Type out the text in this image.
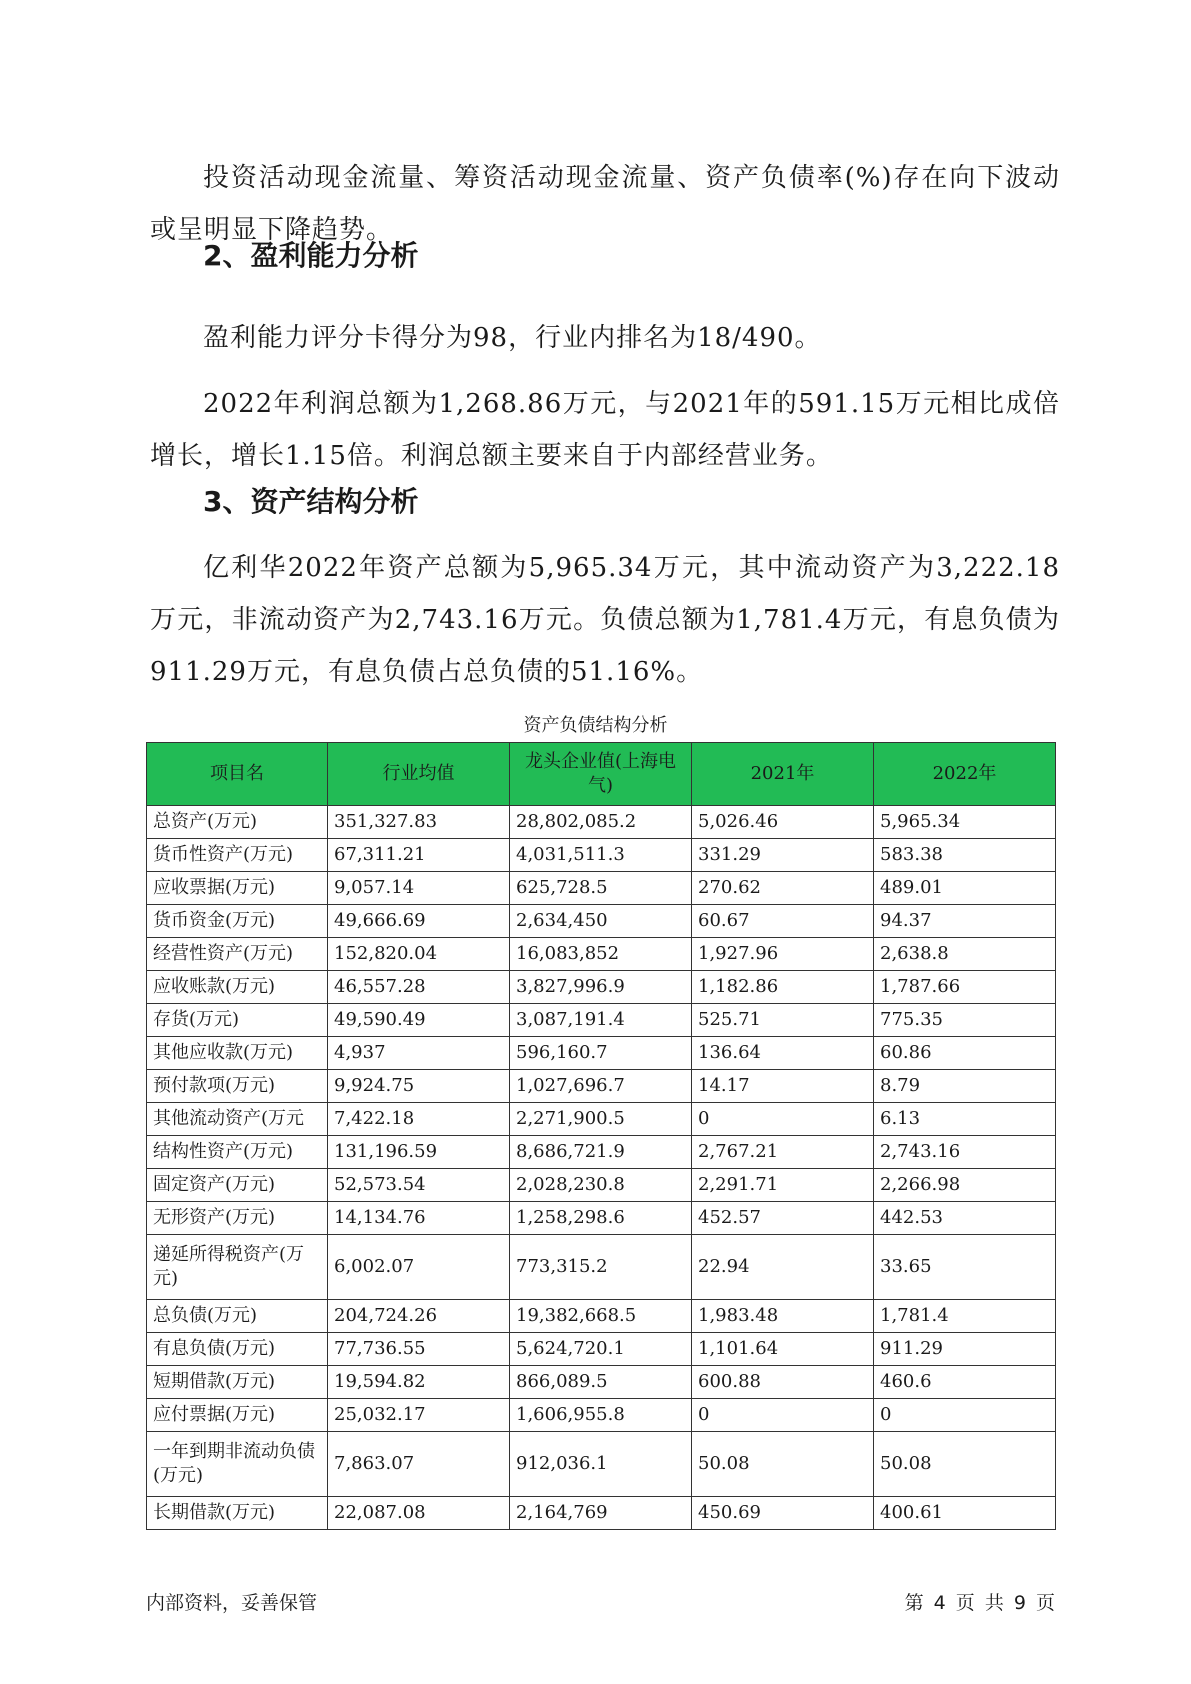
投资活动现金流量、筹资活动现金流量、资产负债率(%)存在向下波动或呈明显下降趋势。

2、盈利能力分析

盈利能力评分卡得分为98，行业内排名为18/490。

2022年利润总额为1,268.86万元，与2021年的591.15万元相比成倍增长，增长1.15倍。利润总额主要来自于内部经营业务。

3、资产结构分析

亿利华2022年资产总额为5,965.34万元，其中流动资产为3,222.18万元，非流动资产为2,743.16万元。负债总额为1,781.4万元，有息负债为911.29万元，有息负债占总负债的51.16%。

资产负债结构分析
项目名	行业均值	龙头企业值(上海电气)	2021年	2022年
总资产(万元)	351,327.83	28,802,085.2	5,026.46	5,965.34
货币性资产(万元)	67,311.21	4,031,511.3	331.29	583.38
应收票据(万元)	9,057.14	625,728.5	270.62	489.01
货币资金(万元)	49,666.69	2,634,450	60.67	94.37
经营性资产(万元)	152,820.04	16,083,852	1,927.96	2,638.8
应收账款(万元)	46,557.28	3,827,996.9	1,182.86	1,787.66
存货(万元)	49,590.49	3,087,191.4	525.71	775.35
其他应收款(万元)	4,937	596,160.7	136.64	60.86
预付款项(万元)	9,924.75	1,027,696.7	14.17	8.79
其他流动资产(万元	7,422.18	2,271,900.5	0	6.13
结构性资产(万元)	131,196.59	8,686,721.9	2,767.21	2,743.16
固定资产(万元)	52,573.54	2,028,230.8	2,291.71	2,266.98
无形资产(万元)	14,134.76	1,258,298.6	452.57	442.53
递延所得税资产(万元)	6,002.07	773,315.2	22.94	33.65
总负债(万元)	204,724.26	19,382,668.5	1,983.48	1,781.4
有息负债(万元)	77,736.55	5,624,720.1	1,101.64	911.29
短期借款(万元)	19,594.82	866,089.5	600.88	460.6
应付票据(万元)	25,032.17	1,606,955.8	0	0
一年到期非流动负债(万元)	7,863.07	912,036.1	50.08	50.08
长期借款(万元)	22,087.08	2,164,769	450.69	400.61
内部资料，妥善保管	第 4 页 共 9 页
